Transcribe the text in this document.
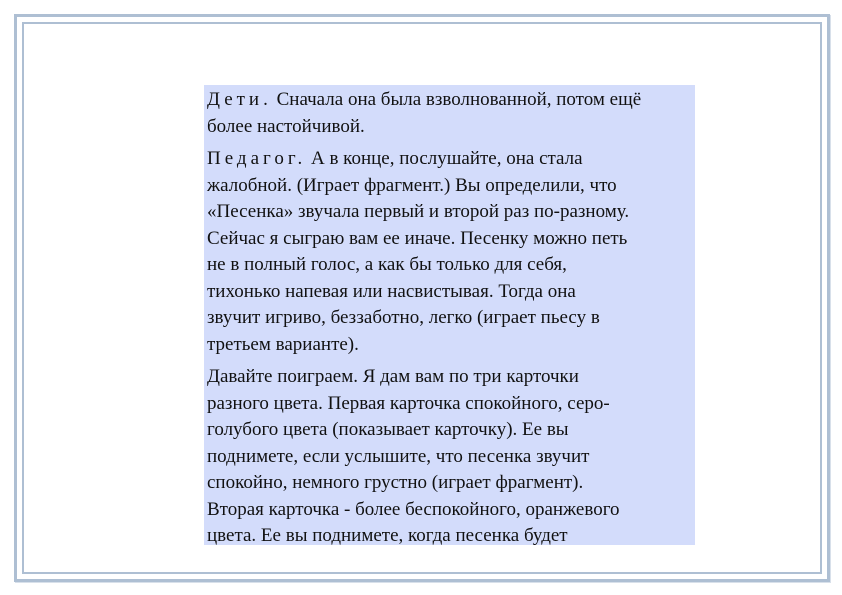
Дети. Сначала она была взволнованной, потом ещё
более настойчивой.

Педагог. А в конце, послушайте, она стала
жалобной. (Играет фрагмент.) Вы определили, что
«Песенка» звучала первый и второй раз по-разному.
Сейчас я сыграю вам ее иначе. Песенку можно петь
не в полный голос, а как бы только для себя,
тихонько напевая или насвистывая. Тогда она
звучит игриво, беззаботно, легко (играет пьесу в
третьем варианте).

Давайте поиграем. Я дам вам по три карточки
разного цвета. Первая карточка спокойного, серо-
голубого цвета (показывает карточку). Ее вы
поднимете, если услышите, что песенка звучит
спокойно, немного грустно (играет фрагмент).
Вторая карточка - более беспокойного, оранжевого
цвета. Ее вы поднимете, когда песенка будет
